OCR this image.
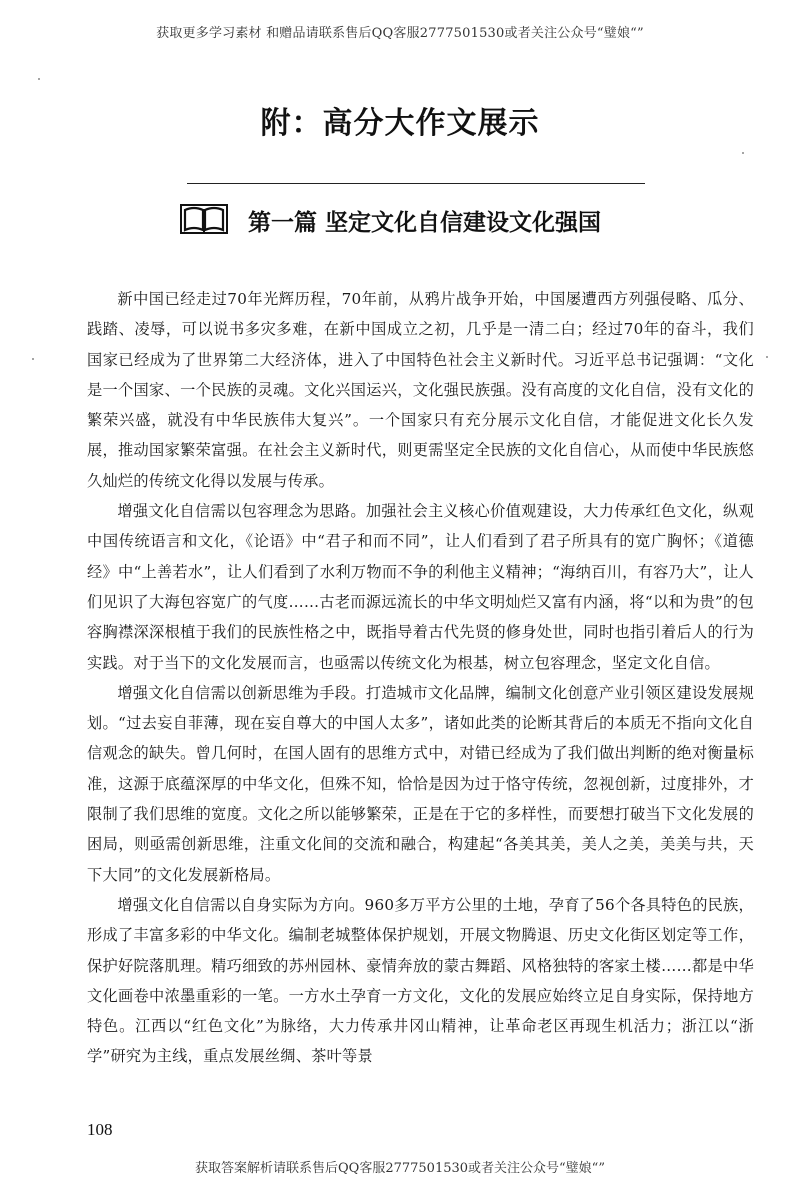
获取更多学习素材 和赠品请联系售后QQ客服2777501530或者关注公众号“璧娘“”
附：高分大作文展示
第一篇 坚定文化自信建设文化强国

新中国已经走过70年光辉历程，70年前，从鸦片战争开始，中国屡遭西方列强侵略、瓜分、践踏、凌辱，可以说书多灾多难，在新中国成立之初，几乎是一清二白；经过70年的奋斗，我们国家已经成为了世界第二大经济体，进入了中国特色社会主义新时代。习近平总书记强调：“文化是一个国家、一个民族的灵魂。文化兴国运兴，文化强民族强。没有高度的文化自信，没有文化的繁荣兴盛，就没有中华民族伟大复兴”。一个国家只有充分展示文化自信，才能促进文化长久发展，推动国家繁荣富强。在社会主义新时代，则更需坚定全民族的文化自信心，从而使中华民族悠久灿烂的传统文化得以发展与传承。

增强文化自信需以包容理念为思路。加强社会主义核心价值观建设，大力传承红色文化，纵观中国传统语言和文化，《论语》中“君子和而不同”，让人们看到了君子所具有的宽广胸怀；《道德经》中“上善若水”，让人们看到了水利万物而不争的利他主义精神；“海纳百川，有容乃大”，让人们见识了大海包容宽广的气度……古老而源远流长的中华文明灿烂又富有内涵，将“以和为贵”的包容胸襟深深根植于我们的民族性格之中，既指导着古代先贤的修身处世，同时也指引着后人的行为实践。对于当下的文化发展而言，也亟需以传统文化为根基，树立包容理念，坚定文化自信。

增强文化自信需以创新思维为手段。打造城市文化品牌，编制文化创意产业引领区建设发展规划。“过去妄自菲薄，现在妄自尊大的中国人太多”，诸如此类的论断其背后的本质无不指向文化自信观念的缺失。曾几何时，在国人固有的思维方式中，对错已经成为了我们做出判断的绝对衡量标准，这源于底蕴深厚的中华文化，但殊不知，恰恰是因为过于恪守传统，忽视创新，过度排外，才限制了我们思维的宽度。文化之所以能够繁荣，正是在于它的多样性，而要想打破当下文化发展的困局，则亟需创新思维，注重文化间的交流和融合，构建起“各美其美，美人之美，美美与共，天下大同”的文化发展新格局。

增强文化自信需以自身实际为方向。960多万平方公里的土地，孕育了56个各具特色的民族，形成了丰富多彩的中华文化。编制老城整体保护规划，开展文物腾退、历史文化街区划定等工作，保护好院落肌理。精巧细致的苏州园林、豪情奔放的蒙古舞蹈、风格独特的客家土楼……都是中华文化画卷中浓墨重彩的一笔。一方水土孕育一方文化，文化的发展应始终立足自身实际，保持地方特色。江西以“红色文化”为脉络，大力传承井冈山精神，让革命老区再现生机活力；浙江以“浙学”研究为主线，重点发展丝绸、茶叶等景

108
获取答案解析请联系售后QQ客服2777501530或者关注公众号“璧娘“”
